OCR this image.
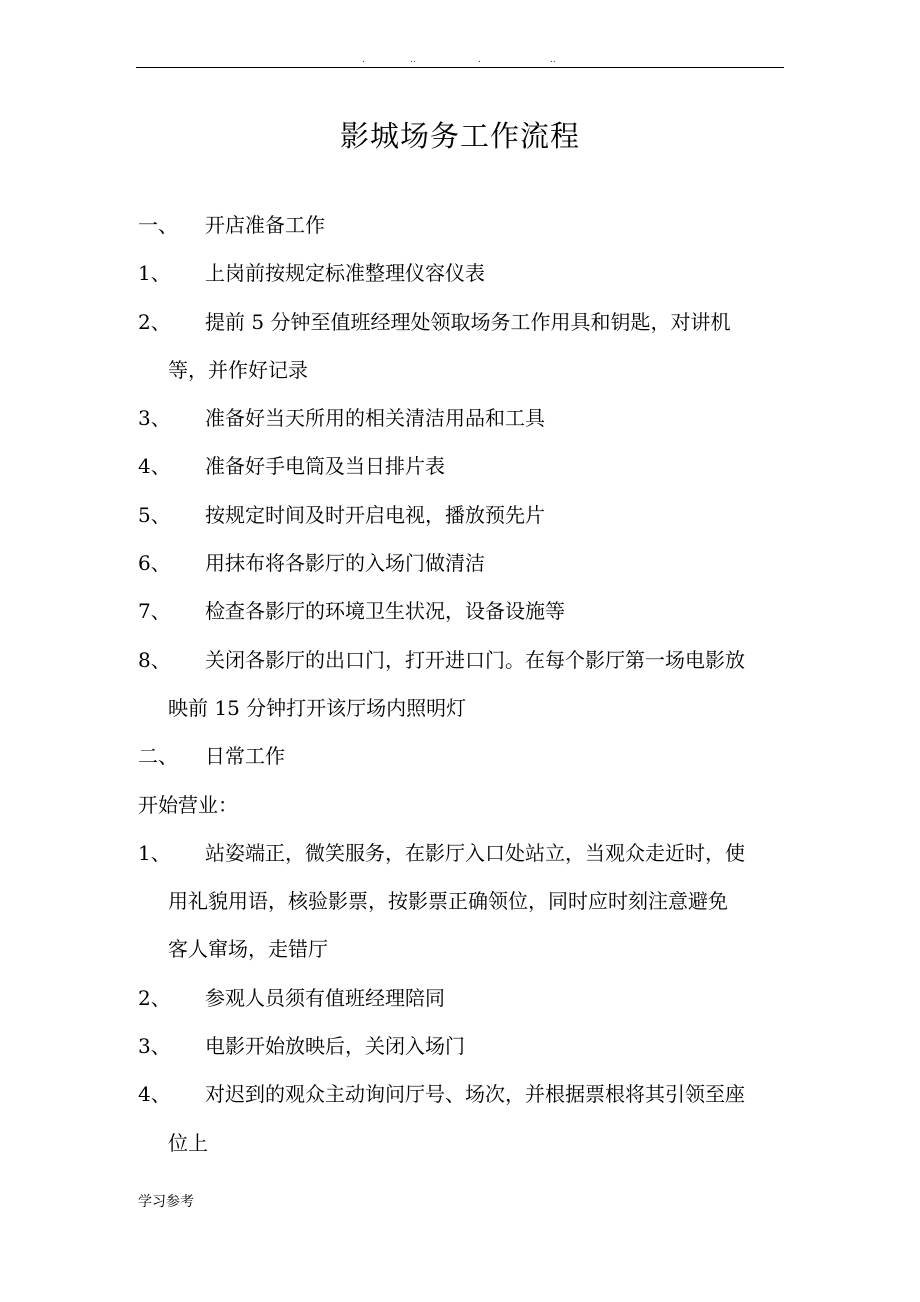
.	..	.	..
影城场务工作流程
一、 开店准备工作
1、 上岗前按规定标准整理仪容仪表
2、 提前 5 分钟至值班经理处领取场务工作用具和钥匙，对讲机
等，并作好记录
3、 准备好当天所用的相关清洁用品和工具
4、 准备好手电筒及当日排片表
5、 按规定时间及时开启电视，播放预先片
6、 用抹布将各影厅的入场门做清洁
7、 检查各影厅的环境卫生状况，设备设施等
8、 关闭各影厅的出口门，打开进口门。在每个影厅第一场电影放
映前 15 分钟打开该厅场内照明灯
二、 日常工作
开始营业：
1、 站姿端正，微笑服务，在影厅入口处站立，当观众走近时，使
用礼貌用语，核验影票，按影票正确领位，同时应时刻注意避免
客人窜场，走错厅
2、 参观人员须有值班经理陪同
3、 电影开始放映后，关闭入场门
4、 对迟到的观众主动询问厅号、场次，并根据票根将其引领至座
位上
学习参考
